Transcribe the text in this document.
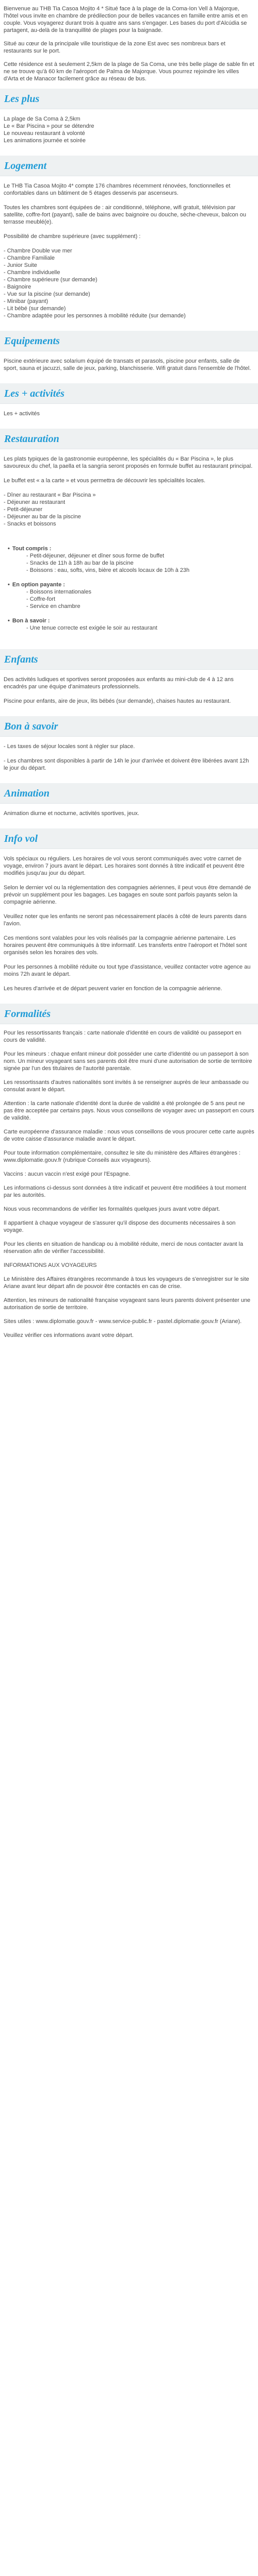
Bienvenue au THB Tia Casoa Mojito 4 * Situé face à la plage de la Coma-Ion Vell à Majorque, l'hôtel vous invite en chambre de prédilection pour de belles vacances en famille entre amis et en couple. Vous voyagerez durant trois à quatre ans sans s'engager. Les bases du port d'Alcúdia se partagent, au-delà de la tranquillité de plages pour la baignade.

Situé au cœur de la principale ville touristique de la zone Est avec ses nombreux bars et restaurants sur le port.

Cette résidence est à seulement 2,5km de la plage de Sa Coma, une très belle plage de sable fin et ne se trouve qu'à 60 km de l'aéroport de Palma de Majorque. Vous pourrez rejoindre les villes d'Arta et de Manacor facilement grâce au réseau de bus.

Les plus
La plage de Sa Coma à 2,5km
Le « Bar Piscina » pour se détendre
Le nouveau restaurant à volonté
Les animations journée et soirée
Logement

Le THB Tia Casoa Mojito 4* compte 176 chambres récemment rénovées, fonctionnelles et confortables dans un bâtiment de 5 étages desservis par ascenseurs.

Toutes les chambres sont équipées de : air conditionné, téléphone, wifi gratuit, télévision par satellite, coffre-fort (payant), salle de bains avec baignoire ou douche, sèche-cheveux, balcon ou terrasse meublé(e).

Possibilité de chambre supérieure (avec supplément) :

- Chambre Double vue mer
- Chambre Familiale
- Junior Suite
- Chambre individuelle
- Chambre supérieure (sur demande)
- Baignoire
- Vue sur la piscine (sur demande)
- Minibar (payant)
- Lit bébé (sur demande)
- Chambre adaptée pour les personnes à mobilité réduite (sur demande)
Equipements

Piscine extérieure avec solarium équipé de transats et parasols, piscine pour enfants, salle de sport, sauna et jacuzzi, salle de jeux, parking, blanchisserie. Wifi gratuit dans l'ensemble de l'hôtel.

Les + activités

Les + activités

Restauration

Les plats typiques de la gastronomie européenne, les spécialités du « Bar Piscina », le plus savoureux du chef, la paella et la sangria seront proposés en formule buffet au restaurant principal.

Le buffet est « a la carte » et vous permettra de découvrir les spécialités locales.

- Dîner au restaurant « Bar Piscina »
- Déjeuner au restaurant
- Petit-déjeuner
- Déjeuner au bar de la piscine
- Snacks et boissons
• Tout compris :
- Petit-déjeuner, déjeuner et dîner sous forme de buffet
- Snacks de 11h à 18h au bar de la piscine
- Boissons : eau, softs, vins, bière et alcools locaux de 10h à 23h
• En option payante :
- Boissons internationales
- Coffre-fort
- Service en chambre
• Bon à savoir :
- Une tenue correcte est exigée le soir au restaurant
Enfants

Des activités ludiques et sportives seront proposées aux enfants au mini-club de 4 à 12 ans encadrés par une équipe d'animateurs professionnels.

Piscine pour enfants, aire de jeux, lits bébés (sur demande), chaises hautes au restaurant.

Bon à savoir

- Les taxes de séjour locales sont à régler sur place.

- Les chambres sont disponibles à partir de 14h le jour d'arrivée et doivent être libérées avant 12h le jour du départ.

Animation

Animation diurne et nocturne, activités sportives, jeux.

Info vol

Vols spéciaux ou réguliers. Les horaires de vol vous seront communiqués avec votre carnet de voyage, environ 7 jours avant le départ. Les horaires sont donnés à titre indicatif et peuvent être modifiés jusqu'au jour du départ.

Selon le dernier vol ou la réglementation des compagnies aériennes, il peut vous être demandé de prévoir un supplément pour les bagages. Les bagages en soute sont parfois payants selon la compagnie aérienne.

Veuillez noter que les enfants ne seront pas nécessairement placés à côté de leurs parents dans l'avion.

Ces mentions sont valables pour les vols réalisés par la compagnie aérienne partenaire. Les horaires peuvent être communiqués à titre informatif. Les transferts entre l'aéroport et l'hôtel sont organisés selon les horaires des vols.

Pour les personnes à mobilité réduite ou tout type d'assistance, veuillez contacter votre agence au moins 72h avant le départ.

Les heures d'arrivée et de départ peuvent varier en fonction de la compagnie aérienne.

Formalités

Pour les ressortissants français : carte nationale d'identité en cours de validité ou passeport en cours de validité.

Pour les mineurs : chaque enfant mineur doit posséder une carte d'identité ou un passeport à son nom. Un mineur voyageant sans ses parents doit être muni d'une autorisation de sortie de territoire signée par l'un des titulaires de l'autorité parentale.

Les ressortissants d'autres nationalités sont invités à se renseigner auprès de leur ambassade ou consulat avant le départ.

Attention : la carte nationale d'identité dont la durée de validité a été prolongée de 5 ans peut ne pas être acceptée par certains pays. Nous vous conseillons de voyager avec un passeport en cours de validité.

Carte européenne d'assurance maladie : nous vous conseillons de vous procurer cette carte auprès de votre caisse d'assurance maladie avant le départ.

Pour toute information complémentaire, consultez le site du ministère des Affaires étrangères : www.diplomatie.gouv.fr (rubrique Conseils aux voyageurs).

Vaccins : aucun vaccin n'est exigé pour l'Espagne.

Les informations ci-dessus sont données à titre indicatif et peuvent être modifiées à tout moment par les autorités.

Nous vous recommandons de vérifier les formalités quelques jours avant votre départ.

Il appartient à chaque voyageur de s'assurer qu'il dispose des documents nécessaires à son voyage.

Pour les clients en situation de handicap ou à mobilité réduite, merci de nous contacter avant la réservation afin de vérifier l'accessibilité.

INFORMATIONS AUX VOYAGEURS

Le Ministère des Affaires étrangères recommande à tous les voyageurs de s'enregistrer sur le site Ariane avant leur départ afin de pouvoir être contactés en cas de crise.

Attention, les mineurs de nationalité française voyageant sans leurs parents doivent présenter une autorisation de sortie de territoire.

Sites utiles : www.diplomatie.gouv.fr - www.service-public.fr - pastel.diplomatie.gouv.fr (Ariane).

Veuillez vérifier ces informations avant votre départ.
